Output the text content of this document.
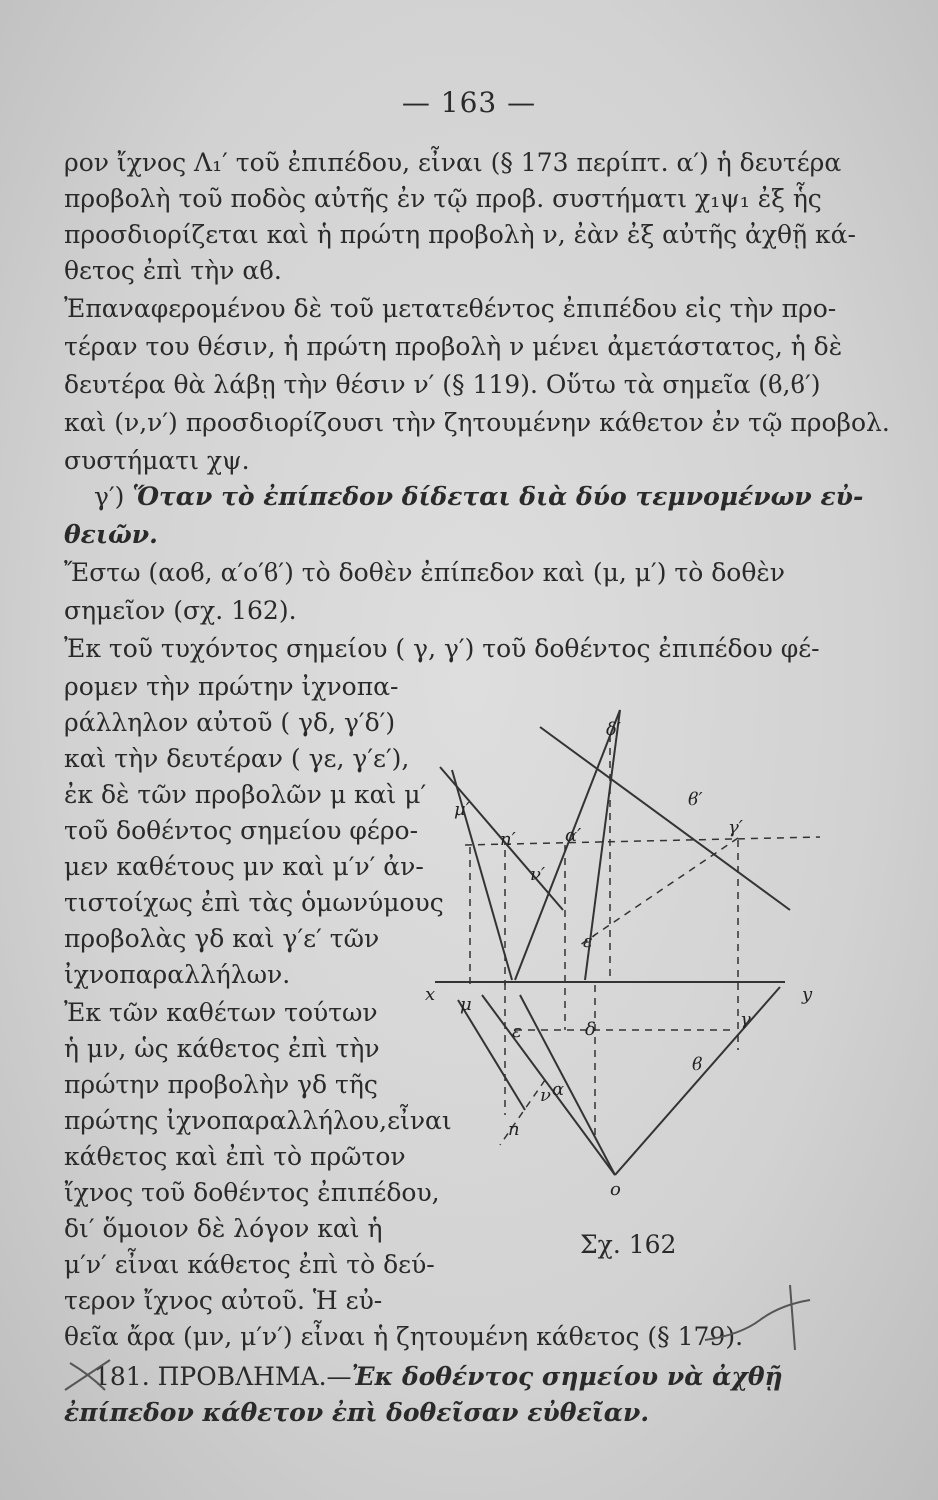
— 163 —
ρον ἴχνος Λ₁′ τοῦ ἐπιπέδου, εἶναι (§ 173 περίπτ. α′) ἡ δευτέρα
προβολὴ τοῦ ποδὸς αὐτῆς ἐν τῷ προβ. συστήματι χ₁ψ₁ ἐξ ἧς
προσδιορίζεται καὶ ἡ πρώτη προβολὴ ν, ἐὰν ἐξ αὐτῆς ἀχθῇ κά-
θετος ἐπὶ τὴν αϐ.
Ἐπαναφερομένου δὲ τοῦ μετατεθέντος ἐπιπέδου εἰς τὴν προ-
τέραν του θέσιν, ἡ πρώτη προβολὴ ν μένει ἀμετάστατος, ἡ δὲ
δευτέρα θὰ λάβῃ τὴν θέσιν ν′ (§ 119). Οὕτω τὰ σημεῖα (ϐ,ϐ′)
καὶ (ν,ν′) προσδιορίζουσι τὴν ζητουμένην κάθετον ἐν τῷ προβολ.
συστήματι χψ.
γ′) Ὅταν τὸ ἐπίπεδον δίδεται διὰ δύο τεμνομένων εὐ-
θειῶν.
Ἔστω (αοϐ, α′ο′ϐ′) τὸ δοθὲν ἐπίπεδον καὶ (μ, μ′) τὸ δοθὲν
σημεῖον (σχ. 162).
Ἐκ τοῦ τυχόντος σημείου ( γ, γ′) τοῦ δοθέντος ἐπιπέδου φέ-
ρομεν τὴν πρώτην ἰχνοπα-
ράλληλον αὐτοῦ ( γδ, γ′δ′)
καὶ τὴν δευτέραν ( γε, γ′ε′),
ἐκ δὲ τῶν προβολῶν μ καὶ μ′
τοῦ δοθέντος σημείου φέρο-
μεν καθέτους μν καὶ μ′ν′ ἀν-
τιστοίχως ἐπὶ τὰς ὁμωνύμους
προβολὰς γδ καὶ γ′ε′ τῶν
ἰχνοπαραλλήλων.
Ἐκ τῶν καθέτων τούτων
ἡ μν, ὡς κάθετος ἐπὶ τὴν
πρώτην προβολὴν γδ τῆς
πρώτης ἰχνοπαραλλήλου,εἶναι
κάθετος καὶ ἐπὶ τὸ πρῶτον
ἴχνος τοῦ δοθέντος ἐπιπέδου,
δι′ ὅμοιον δὲ λόγον καὶ ἡ
μ′ν′ εἶναι κάθετος ἐπὶ τὸ δεύ-
τερον ἴχνος αὐτοῦ. Ἡ εὐ-
θεῖα ἄρα (μν, μ′ν′) εἶναι ἡ ζητουμένη κάθετος (§ 179).
181. ΠΡΟΒΛΗΜΑ.—Ἐκ δοθέντος σημείου νὰ ἀχθῇ
ἐπίπεδον κάθετον ἐπὶ δοθεῖσαν εὐθεῖαν.
x	y
δ′
ϐ′
α′
μ′
n′
ν′
ε′
γ′
μ
ε	δ	γ
ϐ
α
n
ν
o
Σχ. 162
